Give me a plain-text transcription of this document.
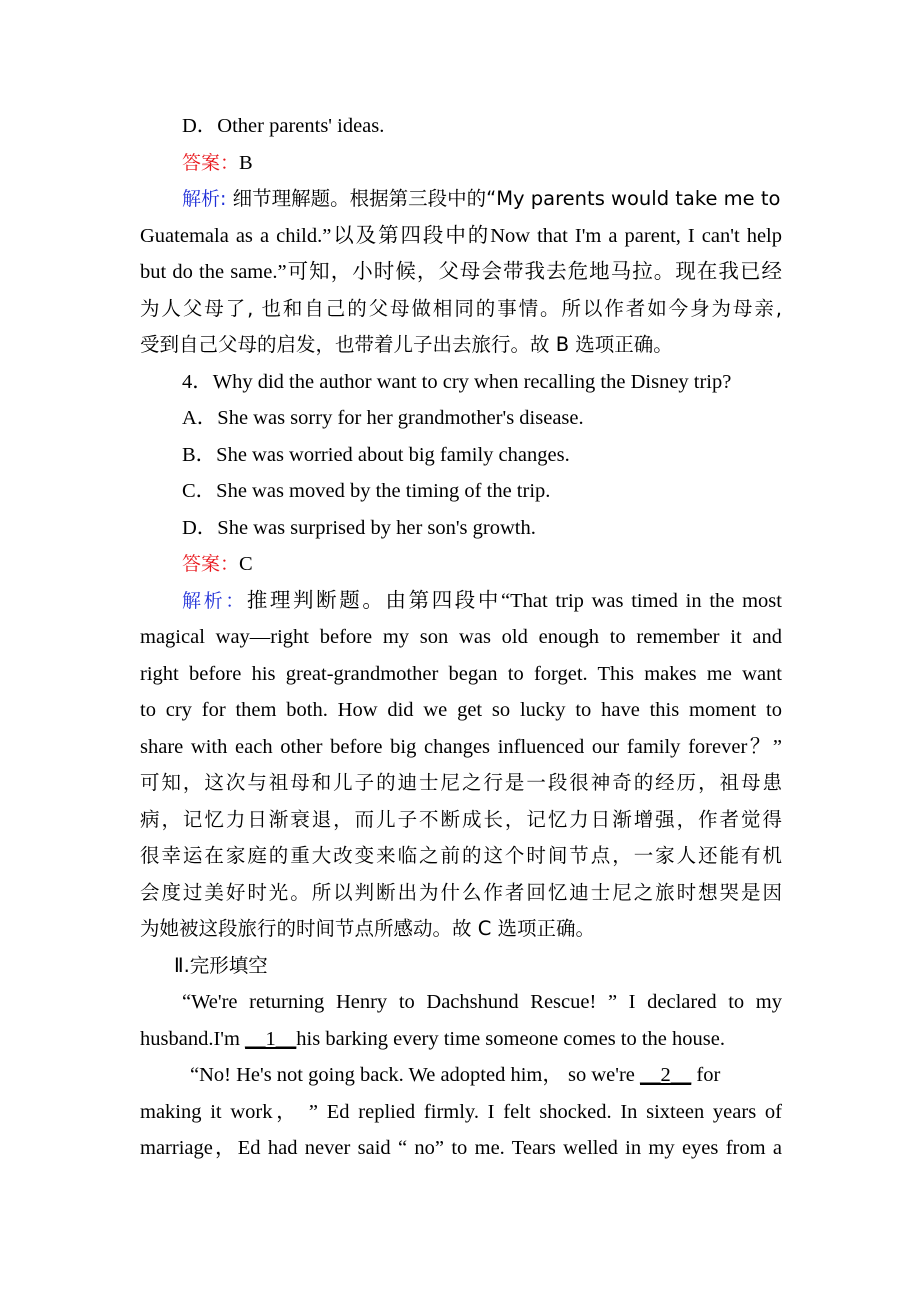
D．Other parents' ideas.
答案：B
解析: 细节理解题。根据第三段中的“My parents would take me to
Guatemala as a child.”以及第四段中的Now that I'm a parent, I can't help
but do the same.”可知，小时候，父母会带我去危地马拉。现在我已经
为人父母了, 也和自己的父母做相同的事情。所以作者如今身为母亲,
受到自己父母的启发，也带着儿子出去旅行。故 B 选项正确。
4．Why did the author want to cry when recalling the Disney trip?
A．She was sorry for her grandmother's disease.
B．She was worried about big family changes.
C．She was moved by the timing of the trip.
D．She was surprised by her son's growth.
答案：C
解析：推理判断题。由第四段中“That trip was timed in the most
magical way—right before my son was old enough to remember it and
right before his great-grandmother began to forget. This makes me want
to cry for them both. How did we get so lucky to have this moment to
share with each other before big changes influenced our family forever？”
可知，这次与祖母和儿子的迪士尼之行是一段很神奇的经历，祖母患
病，记忆力日渐衰退，而儿子不断成长，记忆力日渐增强，作者觉得
很幸运在家庭的重大改变来临之前的这个时间节点，一家人还能有机
会度过美好时光。所以判断出为什么作者回忆迪士尼之旅时想哭是因
为她被这段旅行的时间节点所感动。故 C 选项正确。
Ⅱ.完形填空
“We're returning Henry to Dachshund Rescue! ” I declared to my
husband.I'm __1__his barking every time someone comes to the house.
“No! He's not going back. We adopted him， so we're __2__ for
making it work， ” Ed replied firmly. I felt shocked. In sixteen years of
marriage，Ed had never said “ no” to me. Tears welled in my eyes from a
